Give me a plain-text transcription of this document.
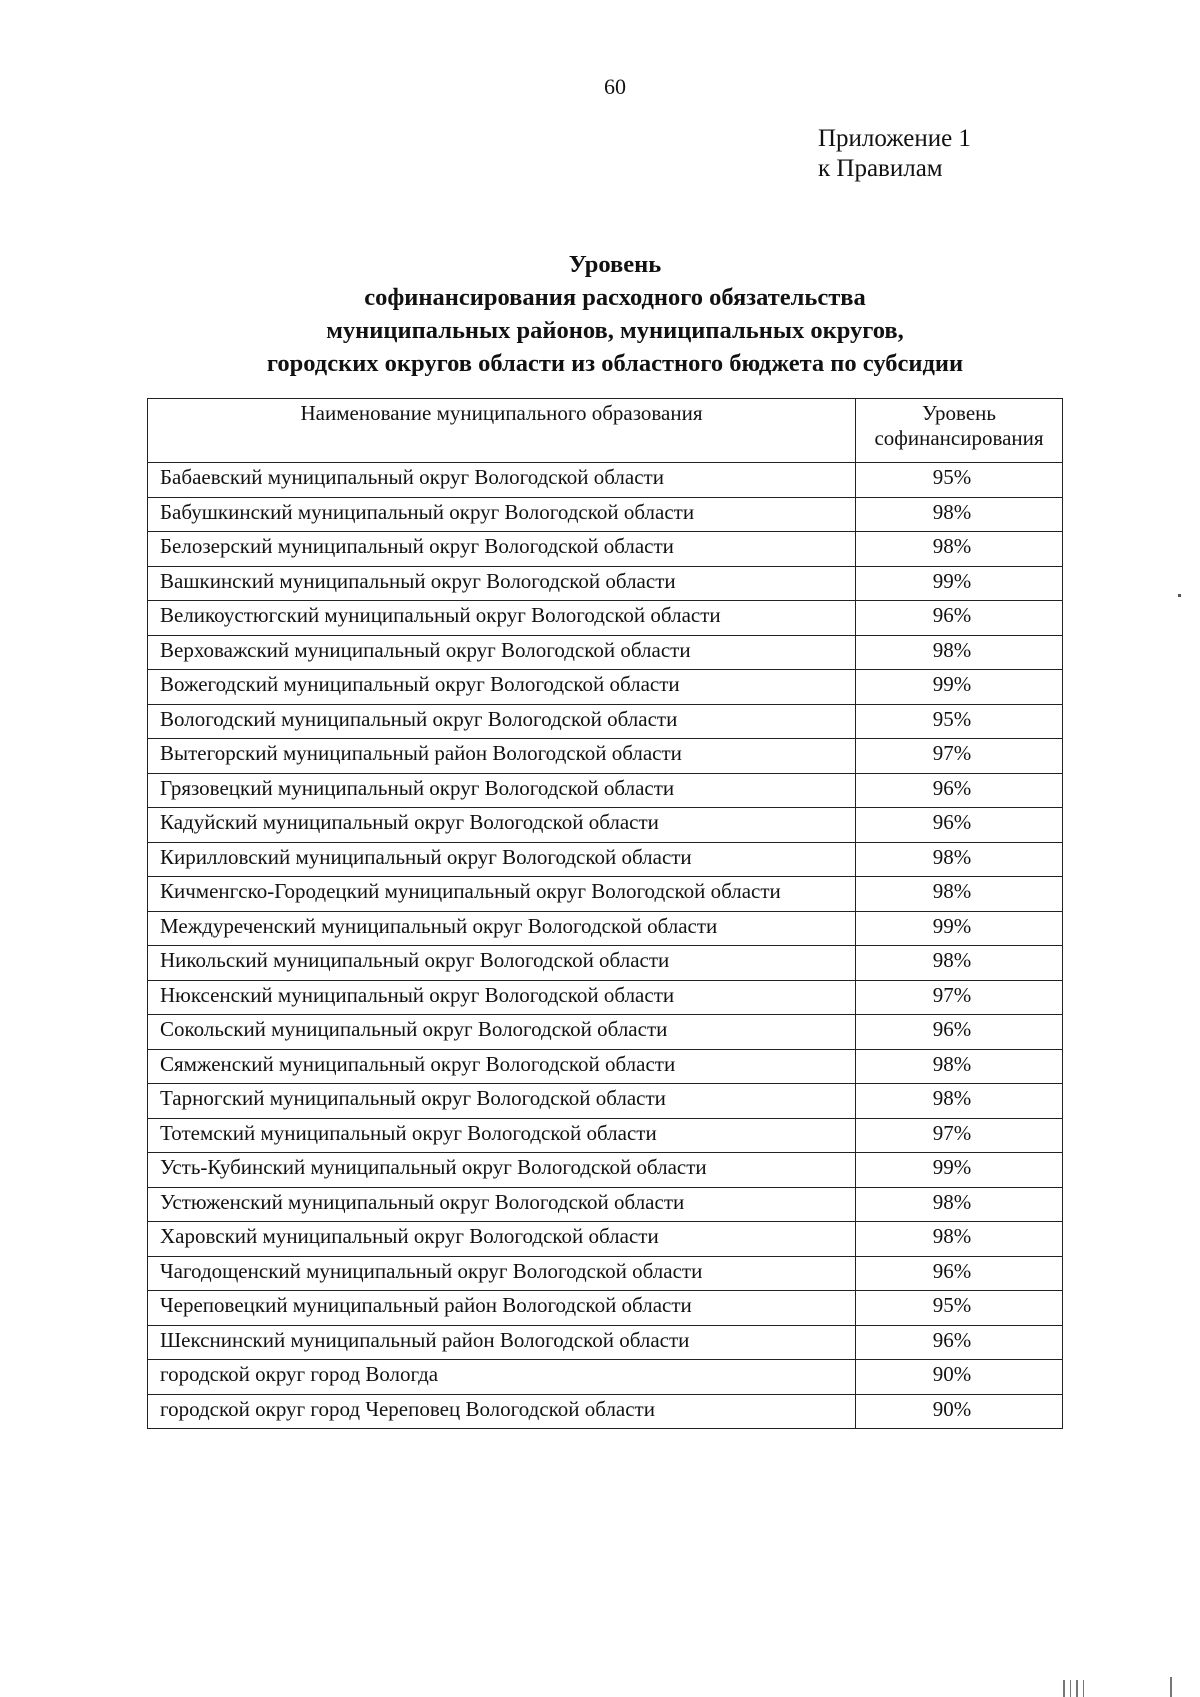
60
Приложение 1
к Правилам
Уровень
софинансирования расходного обязательства
муниципальных районов, муниципальных округов,
городских округов области из областного бюджета по субсидии
Наименование муниципального образования	Уровень
софинансирования

Бабаевский муниципальный округ Вологодской области	95%
Бабушкинский муниципальный округ Вологодской области	98%
Белозерский муниципальный округ Вологодской области	98%
Вашкинский муниципальный округ Вологодской области	99%
Великоустюгский муниципальный округ Вологодской области	96%
Верховажский муниципальный округ Вологодской области	98%
Вожегодский муниципальный округ Вологодской области	99%
Вологодский муниципальный округ Вологодской области	95%
Вытегорский муниципальный район Вологодской области	97%
Грязовецкий муниципальный округ Вологодской области	96%
Кадуйский муниципальный округ Вологодской области	96%
Кирилловский муниципальный округ Вологодской области	98%
Кичменгско-Городецкий муниципальный округ Вологодской области	98%
Междуреченский муниципальный округ Вологодской области	99%
Никольский муниципальный округ Вологодской области	98%
Нюксенский муниципальный округ Вологодской области	97%
Сокольский муниципальный округ Вологодской области	96%
Сямженский муниципальный округ Вологодской области	98%
Тарногский муниципальный округ Вологодской области	98%
Тотемский муниципальный округ Вологодской области	97%
Усть-Кубинский муниципальный округ Вологодской области	99%
Устюженский муниципальный округ Вологодской области	98%
Харовский муниципальный округ Вологодской области	98%
Чагодощенский муниципальный округ Вологодской области	96%
Череповецкий муниципальный район Вологодской области	95%
Шекснинский муниципальный район Вологодской области	96%
городской округ город Вологда	90%
городской округ город Череповец Вологодской области	90%
